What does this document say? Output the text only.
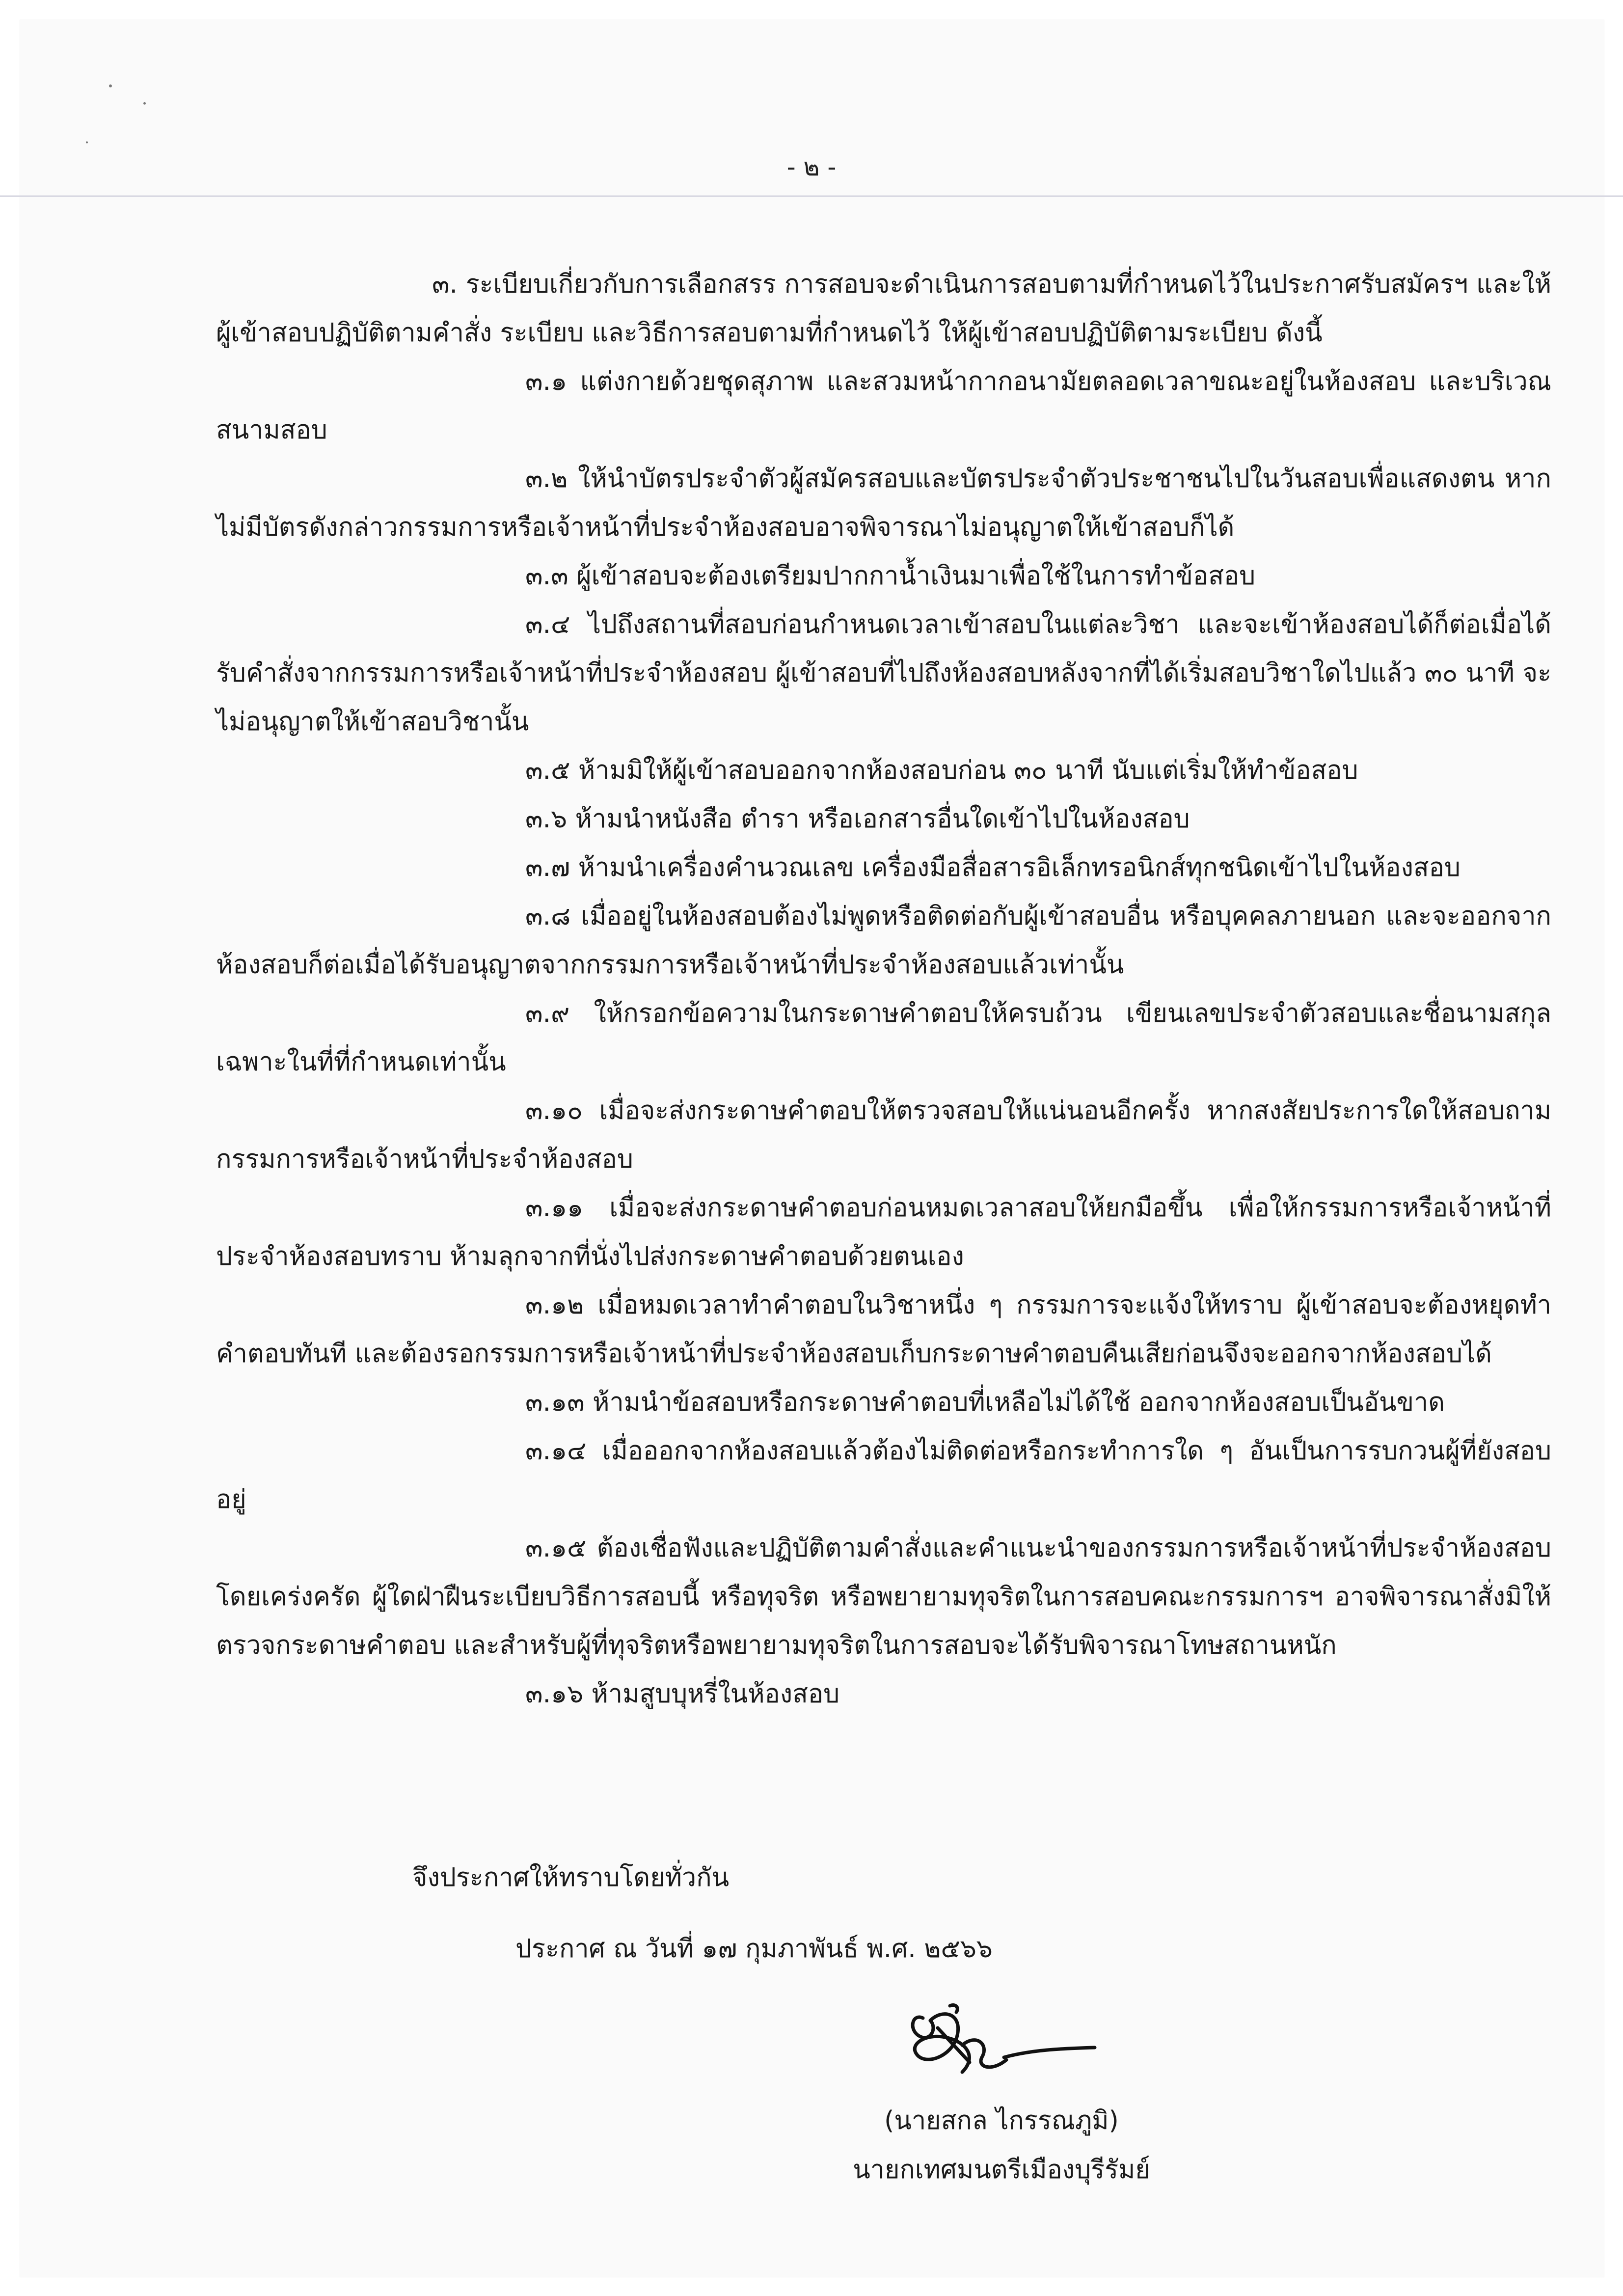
- ๒ -

๓. ระเบียบเกี่ยวกับการเลือกสรร การสอบจะดำเนินการสอบตามที่กำหนดไว้ในประกาศรับสมัครฯ และให้ผู้เข้าสอบปฏิบัติตามคำสั่ง ระเบียบ และวิธีการสอบตามที่กำหนดไว้ ให้ผู้เข้าสอบปฏิบัติตามระเบียบ ดังนี้

๓.๑ แต่งกายด้วยชุดสุภาพ และสวมหน้ากากอนามัยตลอดเวลาขณะอยู่ในห้องสอบ และบริเวณสนามสอบ

๓.๒ ให้นำบัตรประจำตัวผู้สมัครสอบและบัตรประจำตัวประชาชนไปในวันสอบเพื่อแสดงตน หากไม่มีบัตรดังกล่าวกรรมการหรือเจ้าหน้าที่ประจำห้องสอบอาจพิจารณาไม่อนุญาตให้เข้าสอบก็ได้

๓.๓ ผู้เข้าสอบจะต้องเตรียมปากกาน้ำเงินมาเพื่อใช้ในการทำข้อสอบ

๓.๔ ไปถึงสถานที่สอบก่อนกำหนดเวลาเข้าสอบในแต่ละวิชา และจะเข้าห้องสอบได้ก็ต่อเมื่อได้รับคำสั่งจากกรรมการหรือเจ้าหน้าที่ประจำห้องสอบ ผู้เข้าสอบที่ไปถึงห้องสอบหลังจากที่ได้เริ่มสอบวิชาใดไปแล้ว ๓๐ นาที จะไม่อนุญาตให้เข้าสอบวิชานั้น

๓.๕ ห้ามมิให้ผู้เข้าสอบออกจากห้องสอบก่อน ๓๐ นาที นับแต่เริ่มให้ทำข้อสอบ

๓.๖ ห้ามนำหนังสือ ตำรา หรือเอกสารอื่นใดเข้าไปในห้องสอบ

๓.๗ ห้ามนำเครื่องคำนวณเลข เครื่องมือสื่อสารอิเล็กทรอนิกส์ทุกชนิดเข้าไปในห้องสอบ

๓.๘ เมื่ออยู่ในห้องสอบต้องไม่พูดหรือติดต่อกับผู้เข้าสอบอื่น หรือบุคคลภายนอก และจะออกจากห้องสอบก็ต่อเมื่อได้รับอนุญาตจากกรรมการหรือเจ้าหน้าที่ประจำห้องสอบแล้วเท่านั้น

๓.๙ ให้กรอกข้อความในกระดาษคำตอบให้ครบถ้วน เขียนเลขประจำตัวสอบและชื่อนามสกุล เฉพาะในที่ที่กำหนดเท่านั้น

๓.๑๐ เมื่อจะส่งกระดาษคำตอบให้ตรวจสอบให้แน่นอนอีกครั้ง หากสงสัยประการใดให้สอบถามกรรมการหรือเจ้าหน้าที่ประจำห้องสอบ

๓.๑๑ เมื่อจะส่งกระดาษคำตอบก่อนหมดเวลาสอบให้ยกมือขึ้น เพื่อให้กรรมการหรือเจ้าหน้าที่ประจำห้องสอบทราบ ห้ามลุกจากที่นั่งไปส่งกระดาษคำตอบด้วยตนเอง

๓.๑๒ เมื่อหมดเวลาทำคำตอบในวิชาหนึ่ง ๆ กรรมการจะแจ้งให้ทราบ ผู้เข้าสอบจะต้องหยุดทำคำตอบทันที และต้องรอกรรมการหรือเจ้าหน้าที่ประจำห้องสอบเก็บกระดาษคำตอบคืนเสียก่อนจึงจะออกจากห้องสอบได้

๓.๑๓ ห้ามนำข้อสอบหรือกระดาษคำตอบที่เหลือไม่ได้ใช้ ออกจากห้องสอบเป็นอันขาด

๓.๑๔ เมื่อออกจากห้องสอบแล้วต้องไม่ติดต่อหรือกระทำการใด ๆ อันเป็นการรบกวนผู้ที่ยังสอบอยู่

๓.๑๕ ต้องเชื่อฟังและปฏิบัติตามคำสั่งและคำแนะนำของกรรมการหรือเจ้าหน้าที่ประจำห้องสอบโดยเคร่งครัด ผู้ใดฝ่าฝืนระเบียบวิธีการสอบนี้ หรือทุจริต หรือพยายามทุจริตในการสอบคณะกรรมการฯ อาจพิจารณาสั่งมิให้ตรวจกระดาษคำตอบ และสำหรับผู้ที่ทุจริตหรือพยายามทุจริตในการสอบจะได้รับพิจารณาโทษสถานหนัก

๓.๑๖ ห้ามสูบบุหรี่ในห้องสอบ

จึงประกาศให้ทราบโดยทั่วกัน
ประกาศ ณ วันที่ ๑๗ กุมภาพันธ์ พ.ศ. ๒๕๖๖
(นายสกล ไกรรณภูมิ)
นายกเทศมนตรีเมืองบุรีรัมย์
